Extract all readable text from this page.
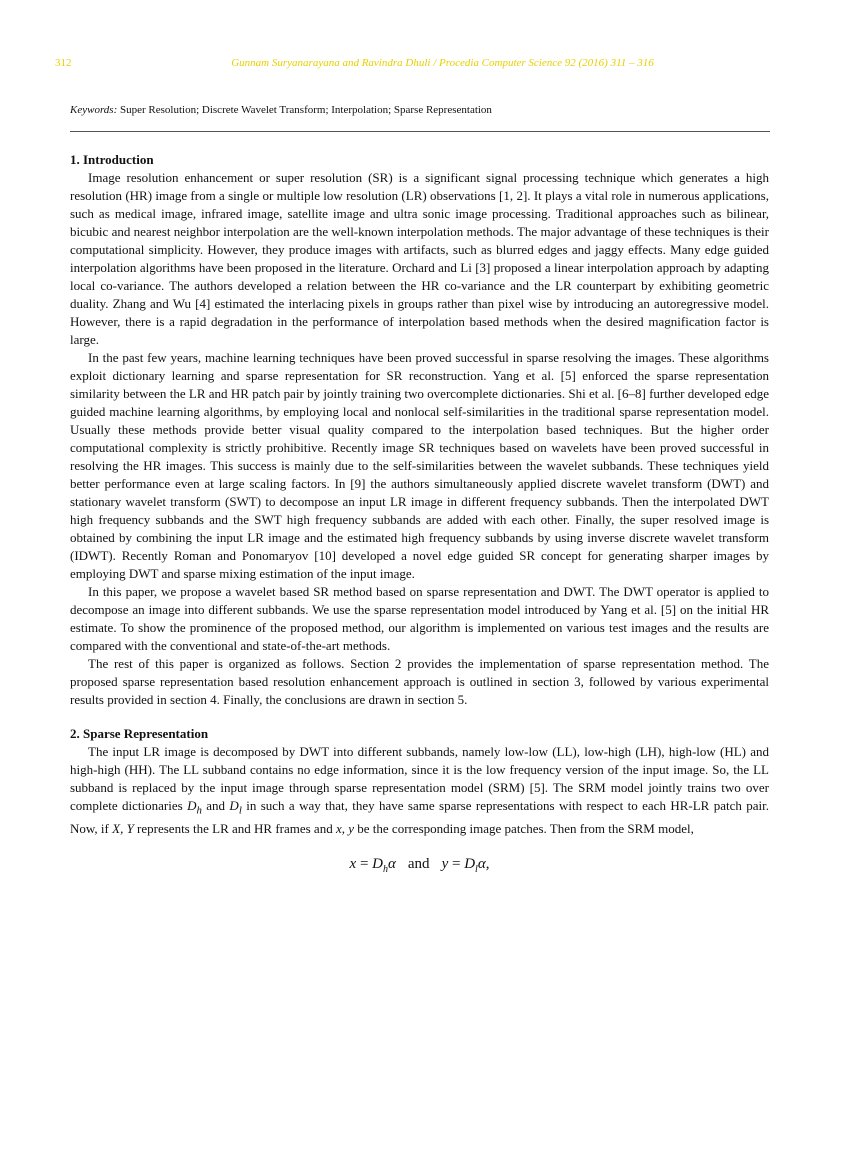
312	Gunnam Suryanarayana and Ravindra Dhuli / Procedia Computer Science 92 (2016) 311 – 316
Keywords: Super Resolution; Discrete Wavelet Transform; Interpolation; Sparse Representation
1. Introduction

Image resolution enhancement or super resolution (SR) is a significant signal processing technique which generates a high resolution (HR) image from a single or multiple low resolution (LR) observations [1, 2]. It plays a vital role in numerous applications, such as medical image, infrared image, satellite image and ultra sonic image processing. Traditional approaches such as bilinear, bicubic and nearest neighbor interpolation are the well-known interpolation methods. The major advantage of these techniques is their computational simplicity. However, they produce images with artifacts, such as blurred edges and jaggy effects. Many edge guided interpolation algorithms have been proposed in the literature. Orchard and Li [3] proposed a linear interpolation approach by adapting local co-variance. The authors developed a relation between the HR co-variance and the LR counterpart by exhibiting geometric duality. Zhang and Wu [4] estimated the interlacing pixels in groups rather than pixel wise by introducing an autoregressive model. However, there is a rapid degradation in the performance of interpolation based methods when the desired magnification factor is large.

In the past few years, machine learning techniques have been proved successful in sparse resolving the images. These algorithms exploit dictionary learning and sparse representation for SR reconstruction. Yang et al. [5] enforced the sparse representation similarity between the LR and HR patch pair by jointly training two overcomplete dictionaries. Shi et al. [6–8] further developed edge guided machine learning algorithms, by employing local and nonlocal self-similarities in the traditional sparse representation model. Usually these methods provide better visual quality compared to the interpolation based techniques. But the higher order computational complexity is strictly prohibitive. Recently image SR techniques based on wavelets have been proved successful in resolving the HR images. This success is mainly due to the self-similarities between the wavelet subbands. These techniques yield better performance even at large scaling factors. In [9] the authors simultaneously applied discrete wavelet transform (DWT) and stationary wavelet transform (SWT) to decompose an input LR image in different frequency subbands. Then the interpolated DWT high frequency subbands and the SWT high frequency subbands are added with each other. Finally, the super resolved image is obtained by combining the input LR image and the estimated high frequency subbands by using inverse discrete wavelet transform (IDWT). Recently Roman and Ponomaryov [10] developed a novel edge guided SR concept for generating sharper images by employing DWT and sparse mixing estimation of the input image.

In this paper, we propose a wavelet based SR method based on sparse representation and DWT. The DWT operator is applied to decompose an image into different subbands. We use the sparse representation model introduced by Yang et al. [5] on the initial HR estimate. To show the prominence of the proposed method, our algorithm is implemented on various test images and the results are compared with the conventional and state-of-the-art methods.

The rest of this paper is organized as follows. Section 2 provides the implementation of sparse representation method. The proposed sparse representation based resolution enhancement approach is outlined in section 3, followed by various experimental results provided in section 4. Finally, the conclusions are drawn in section 5.

2. Sparse Representation

The input LR image is decomposed by DWT into different subbands, namely low-low (LL), low-high (LH), high-low (HL) and high-high (HH). The LL subband contains no edge information, since it is the low frequency version of the input image. So, the LL subband is replaced by the input image through sparse representation model (SRM) [5]. The SRM model jointly trains two over complete dictionaries $D_h$ and $D_l$ in such a way that, they have same sparse representations with respect to each HR-LR patch pair. Now, if X, Y represents the LR and HR frames and x, y be the corresponding image patches. Then from the SRM model,

$x = D_h\alpha$ and $y = D_l\alpha$,
